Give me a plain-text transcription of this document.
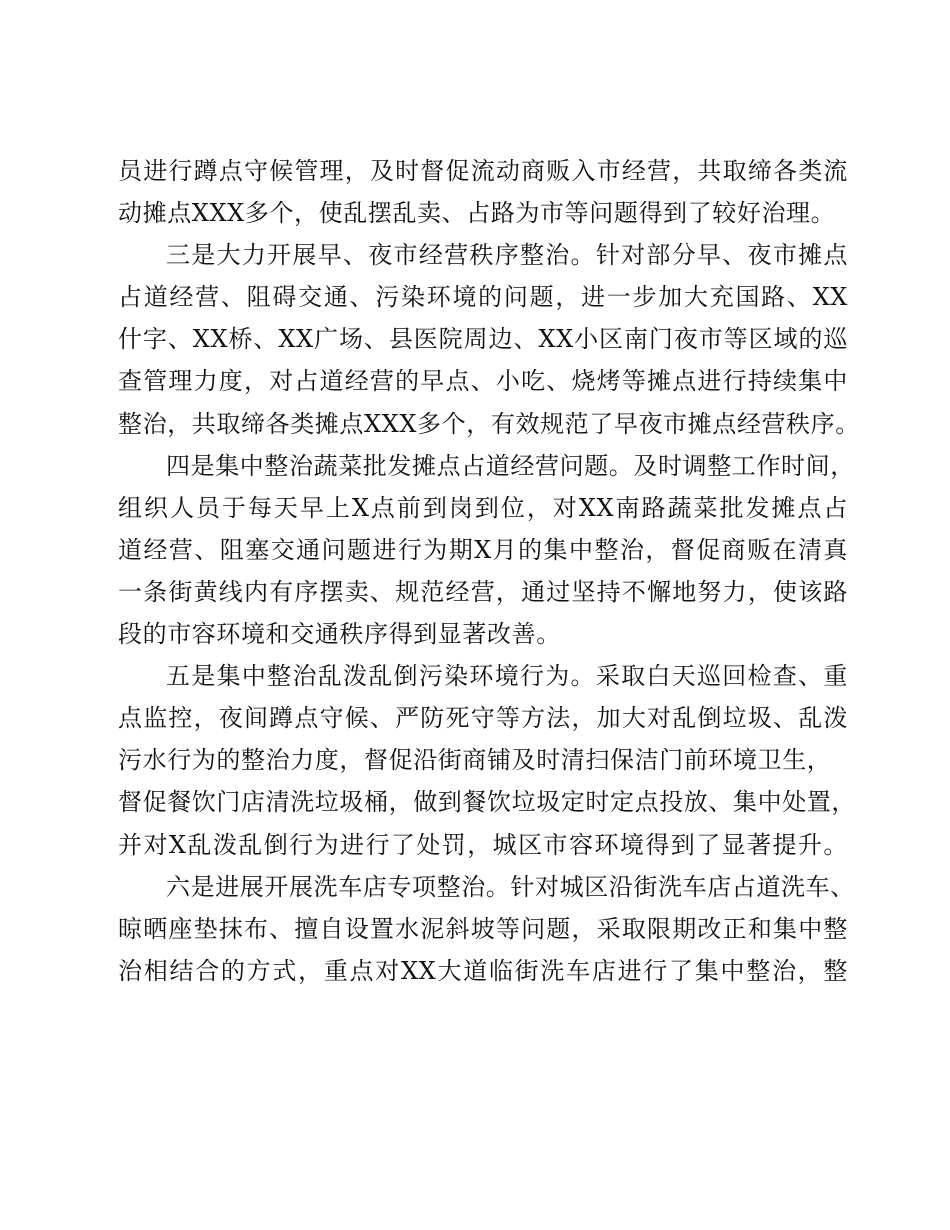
员进行蹲点守候管理，及时督促流动商贩入市经营，共取缔各类流
动摊点XXX多个，使乱摆乱卖、占路为市等问题得到了较好治理。
三是大力开展早、夜市经营秩序整治。针对部分早、夜市摊点
占道经营、阻碍交通、污染环境的问题，进一步加大充国路、XX
什字、XX桥、XX广场、县医院周边、XX小区南门夜市等区域的巡
查管理力度，对占道经营的早点、小吃、烧烤等摊点进行持续集中
整治，共取缔各类摊点XXX多个，有效规范了早夜市摊点经营秩序。
四是集中整治蔬菜批发摊点占道经营问题。及时调整工作时间，
组织人员于每天早上X点前到岗到位，对XX南路蔬菜批发摊点占
道经营、阻塞交通问题进行为期X月的集中整治，督促商贩在清真
一条街黄线内有序摆卖、规范经营，通过坚持不懈地努力，使该路
段的市容环境和交通秩序得到显著改善。
五是集中整治乱泼乱倒污染环境行为。采取白天巡回检查、重
点监控，夜间蹲点守候、严防死守等方法，加大对乱倒垃圾、乱泼
污水行为的整治力度，督促沿街商铺及时清扫保洁门前环境卫生，
督促餐饮门店清洗垃圾桶，做到餐饮垃圾定时定点投放、集中处置，
并对X乱泼乱倒行为进行了处罚，城区市容环境得到了显著提升。
六是进展开展洗车店专项整治。针对城区沿街洗车店占道洗车、
晾晒座垫抹布、擅自设置水泥斜坡等问题，采取限期改正和集中整
治相结合的方式，重点对XX大道临街洗车店进行了集中整治，整
